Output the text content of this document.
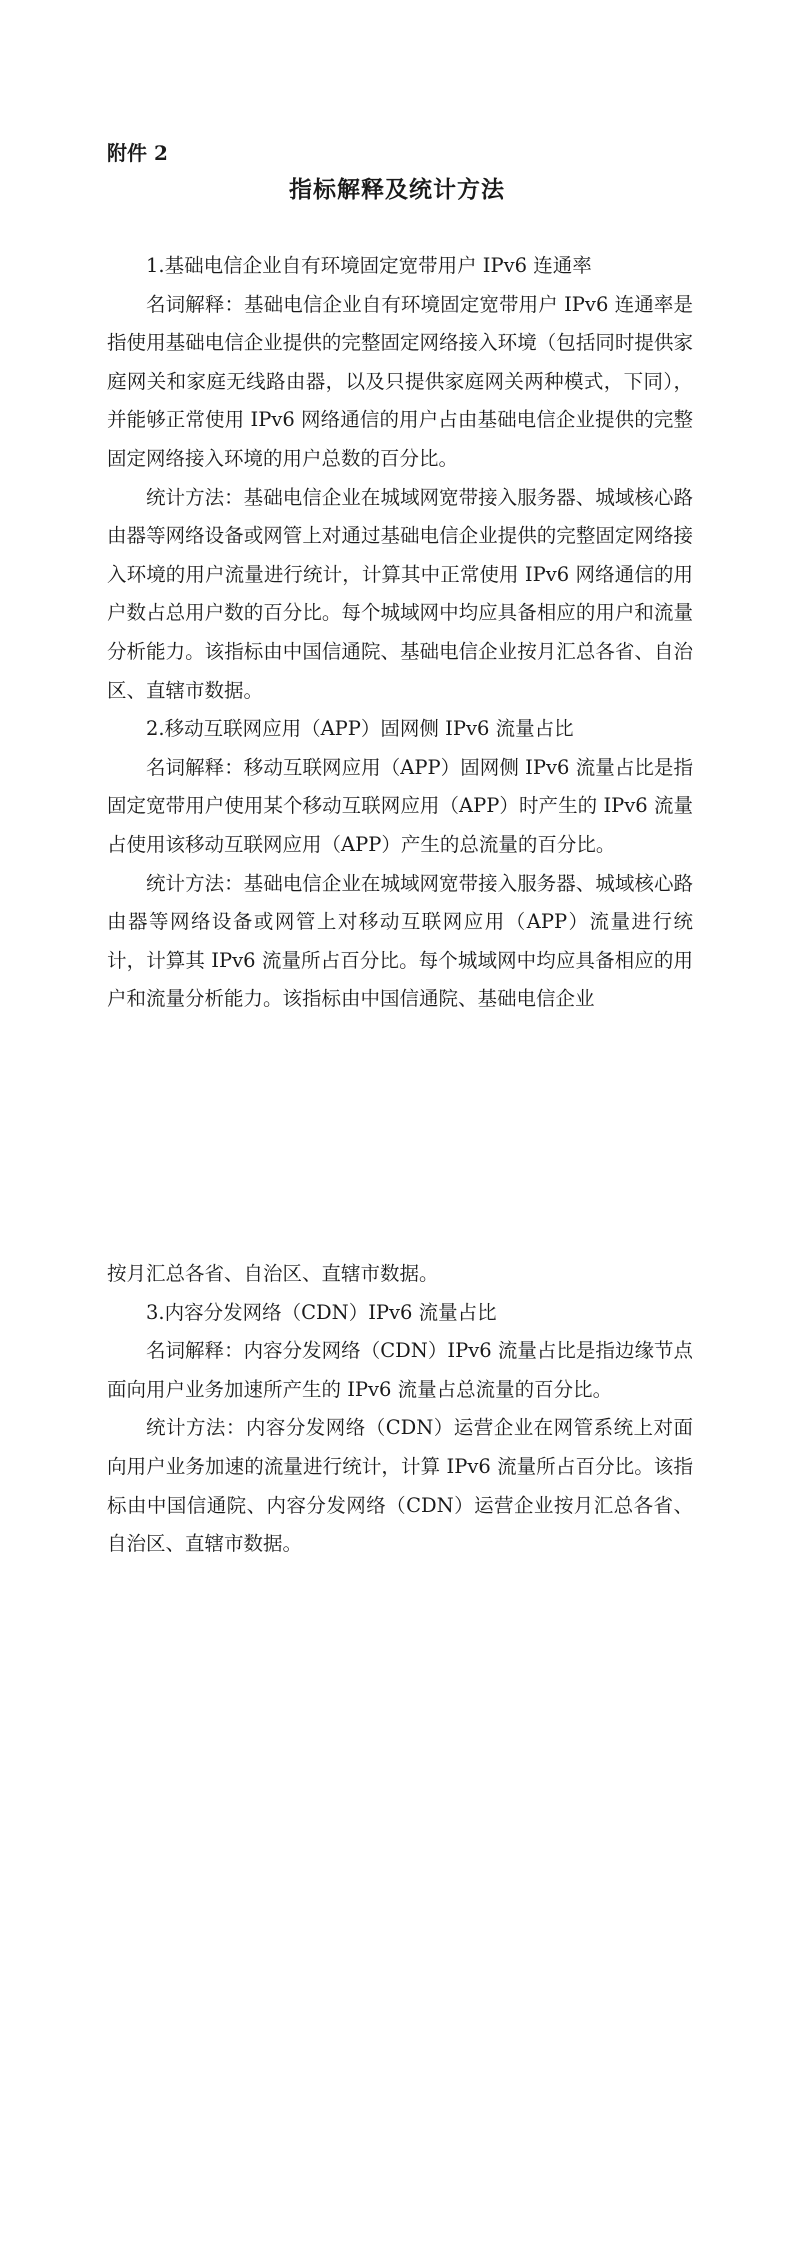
附件 2
指标解释及统计方法

1.基础电信企业自有环境固定宽带用户 IPv6 连通率

名词解释：基础电信企业自有环境固定宽带用户 IPv6 连通率是指使用基础电信企业提供的完整固定网络接入环境（包括同时提供家庭网关和家庭无线路由器，以及只提供家庭网关两种模式，下同），并能够正常使用 IPv6 网络通信的用户占由基础电信企业提供的完整固定网络接入环境的用户总数的百分比。

统计方法：基础电信企业在城域网宽带接入服务器、城域核心路由器等网络设备或网管上对通过基础电信企业提供的完整固定网络接入环境的用户流量进行统计，计算其中正常使用 IPv6 网络通信的用户数占总用户数的百分比。每个城域网中均应具备相应的用户和流量分析能力。该指标由中国信通院、基础电信企业按月汇总各省、自治区、直辖市数据。

2.移动互联网应用（APP）固网侧 IPv6 流量占比

名词解释：移动互联网应用（APP）固网侧 IPv6 流量占比是指固定宽带用户使用某个移动互联网应用（APP）时产生的 IPv6 流量占使用该移动互联网应用（APP）产生的总流量的百分比。

统计方法：基础电信企业在城域网宽带接入服务器、城域核心路由器等网络设备或网管上对移动互联网应用（APP）流量进行统计，计算其 IPv6 流量所占百分比。每个城域网中均应具备相应的用户和流量分析能力。该指标由中国信通院、基础电信企业

按月汇总各省、自治区、直辖市数据。

3.内容分发网络（CDN）IPv6 流量占比

名词解释：内容分发网络（CDN）IPv6 流量占比是指边缘节点面向用户业务加速所产生的 IPv6 流量占总流量的百分比。

统计方法：内容分发网络（CDN）运营企业在网管系统上对面向用户业务加速的流量进行统计，计算 IPv6 流量所占百分比。该指标由中国信通院、内容分发网络（CDN）运营企业按月汇总各省、自治区、直辖市数据。
